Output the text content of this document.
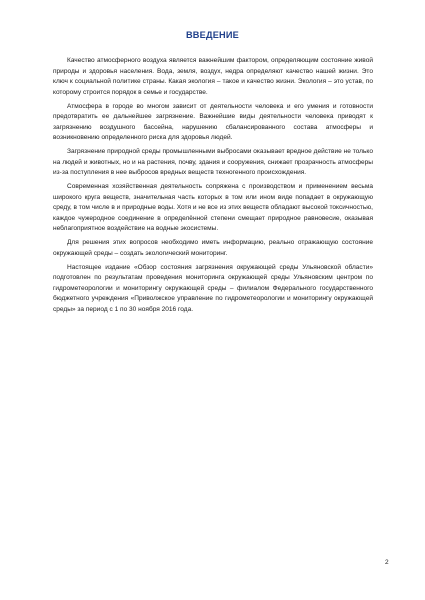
ВВЕДЕНИЕ

Качество атмосферного воздуха является важнейшим фактором, определяющим состояние живой природы и здоровья населения. Вода, земля, воздух, недра определяют качество нашей жизни. Это ключ к социальной политике страны. Какая экология – такое и качество жизни. Экология – это устав, по которому строится порядок в семье и государстве.

Атмосфера в городе во многом зависит от деятельности человека и его умения и готовности предотвратить ее дальнейшее загрязнение. Важнейшие виды деятельности человека приводят к загрязнению воздушного бассейна, нарушению сбалансированного состава атмосферы и возникновению определенного риска для здоровья людей.

Загрязнение природной среды промышленными выбросами оказывает вредное действие не только на людей и животных, но и на растения, почву, здания и сооружения, снижает прозрачность атмосферы из-за поступления в нее выбросов вредных веществ техногенного происхождения.

Современная хозяйственная деятельность сопряжена с производством и применением весьма широкого круга веществ, значительная часть которых в том или ином виде попадает в окружающую среду, в том числе в и природные воды. Хотя и не все из этих веществ обладают высокой токсичностью, каждое чужеродное соединение в определённой степени смещает природное равновесие, оказывая неблагоприятное воздействие на водные экосистемы.

Для решения этих вопросов необходимо иметь информацию, реально отражающую состояние окружающей среды – создать экологический мониторинг.

Настоящее издание «Обзор состояния загрязнения окружающей среды Ульяновской области» подготовлен по результатам проведения мониторинга окружающей среды Ульяновским центром по гидрометеорологии и мониторингу окружающей среды – филиалом Федерального государственного бюджетного учреждения «Приволжское управление по гидрометеорологии и мониторингу окружающей среды» за период с 1 по 30 ноября 2016 года.

2
